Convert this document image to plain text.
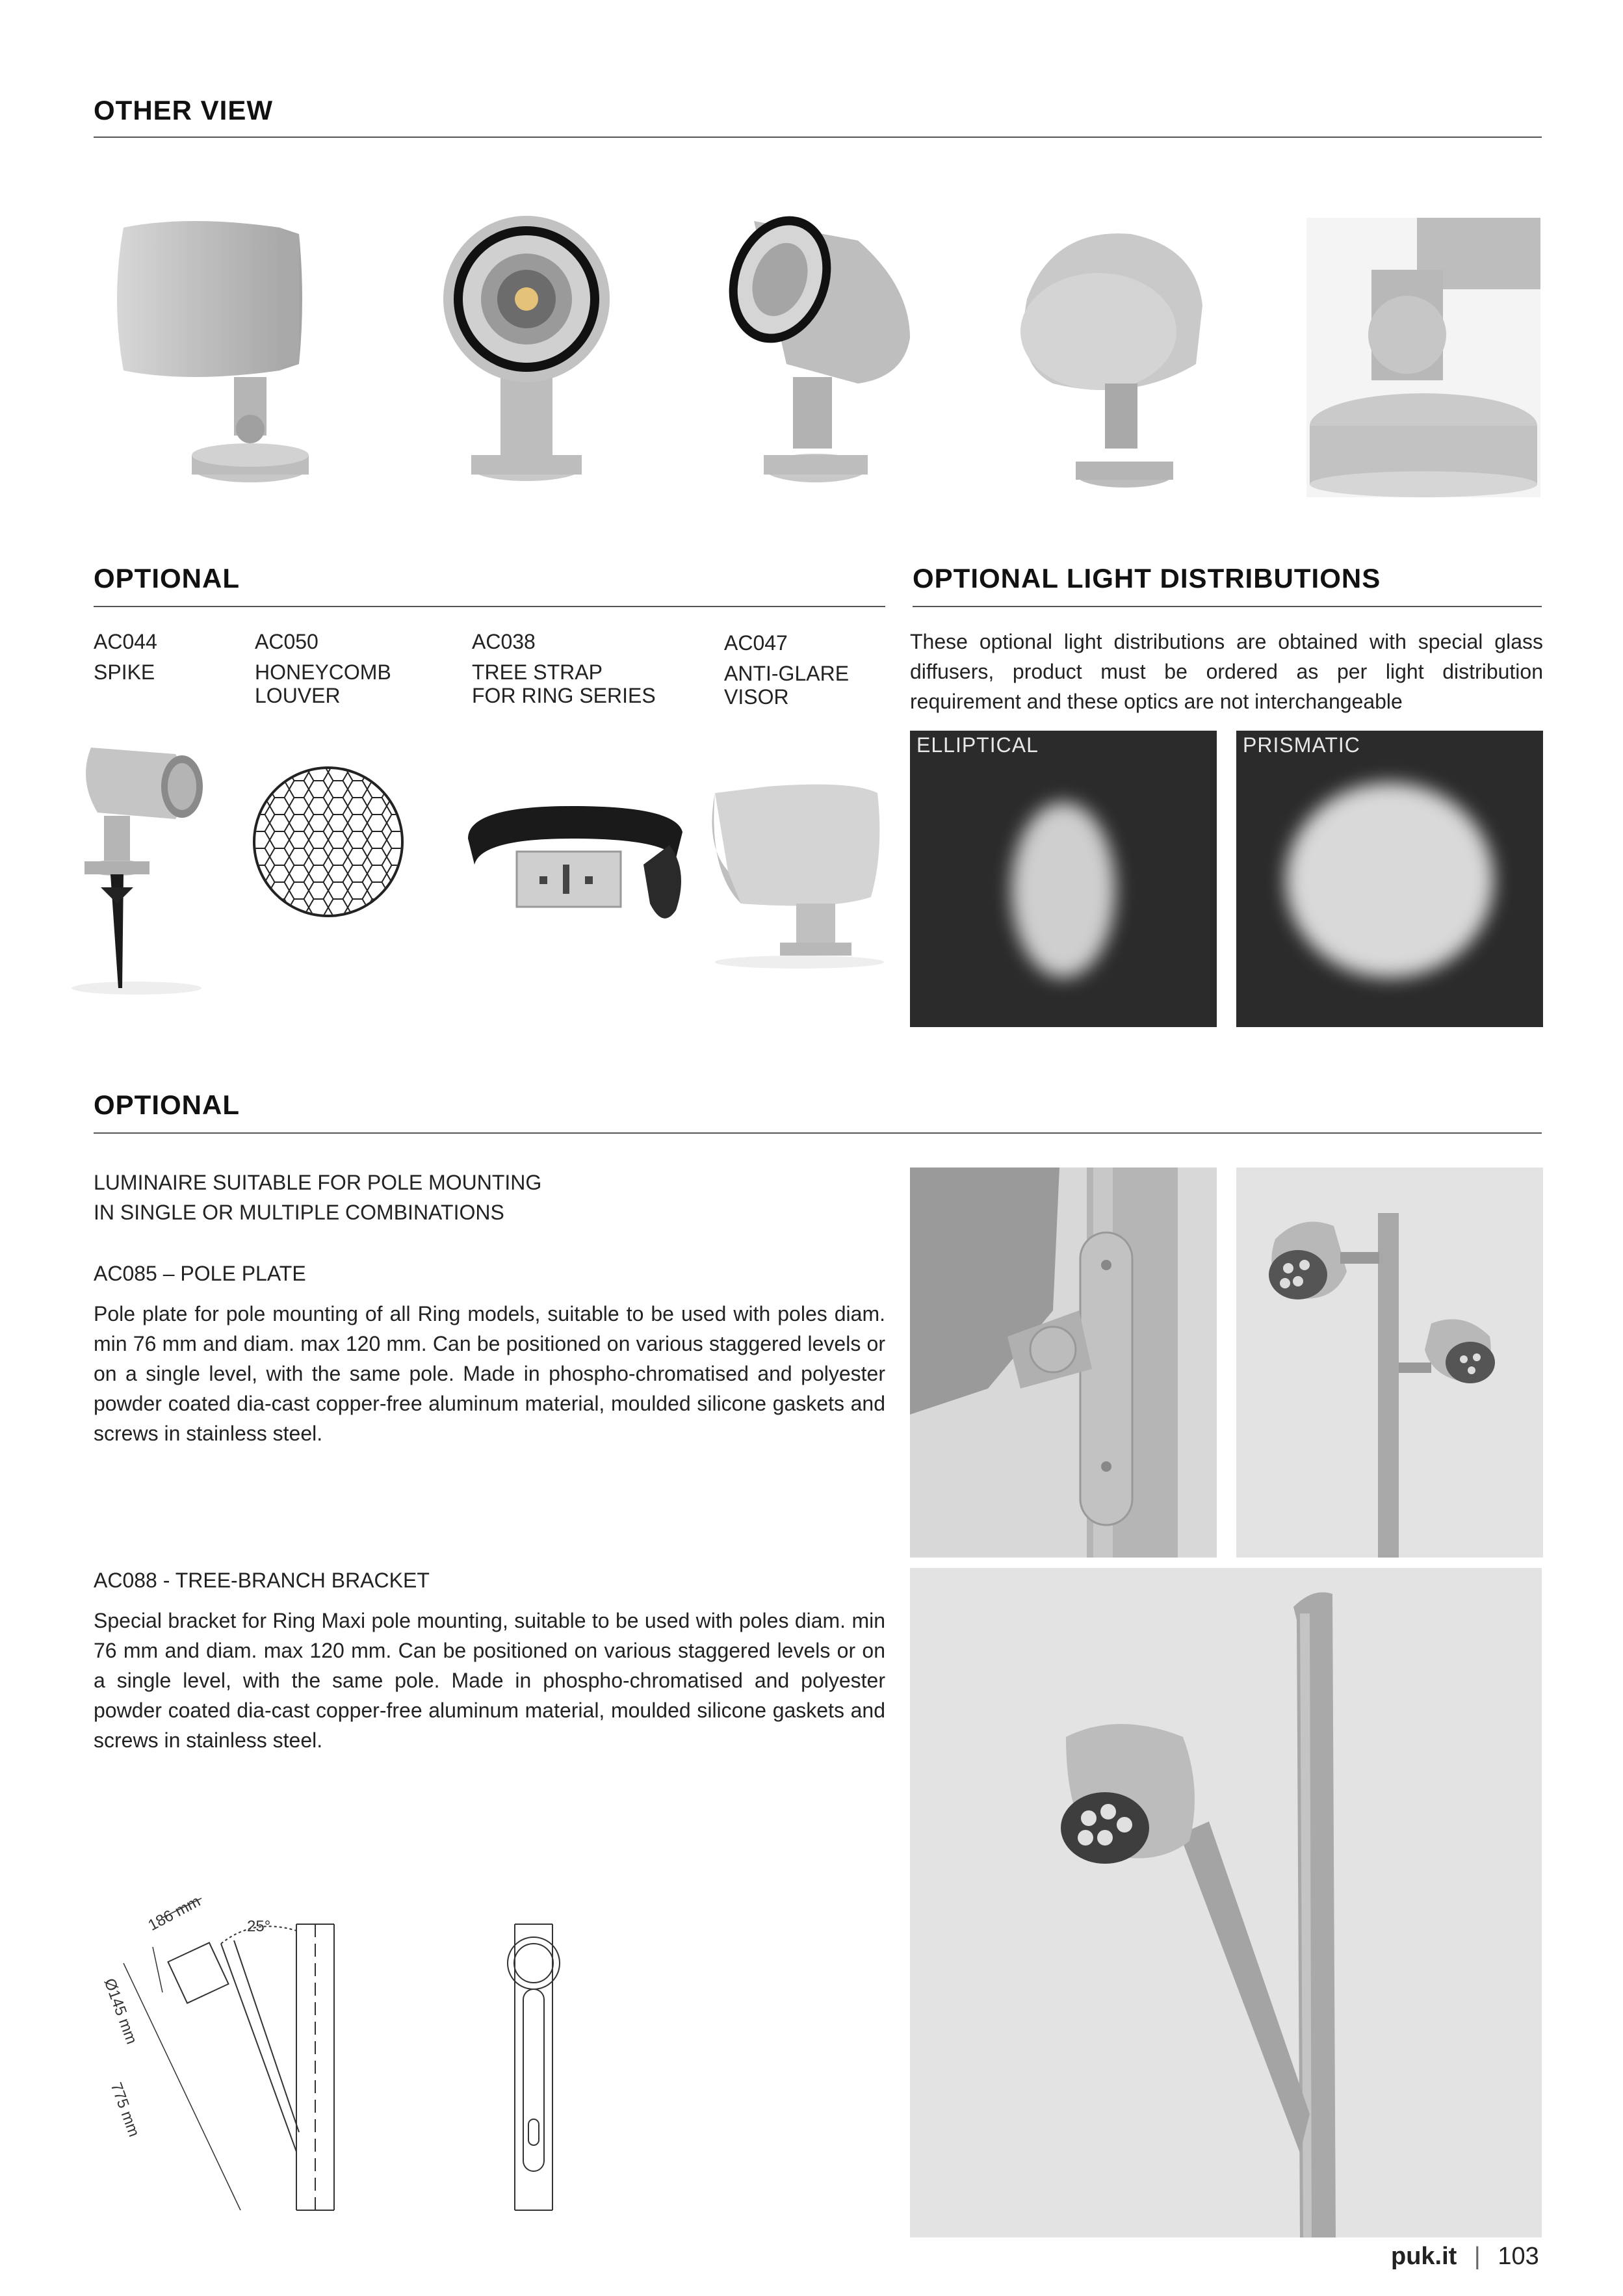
OTHER VIEW
OPTIONAL
AC044
SPIKE
AC050
HONEYCOMB
LOUVER
AC038
TREE STRAP
FOR RING SERIES
AC047
ANTI-GLARE
VISOR
OPTIONAL LIGHT DISTRIBUTIONS
These optional light distributions are obtained with special glass diffusers, product must be ordered as per light distribution requirement and these optics are not interchangeable
ELLIPTICAL	PRISMATIC
OPTIONAL
LUMINAIRE SUITABLE FOR POLE MOUNTING
IN SINGLE OR MULTIPLE COMBINATIONS
AC085 – POLE PLATE
Pole plate for pole mounting of all Ring models, suitable to be used with poles diam. min 76 mm and diam. max 120 mm. Can be positioned on various staggered levels or on a single level, with the same pole. Made in phospho-chromatised and polyester powder coated dia-cast copper-free aluminum material, moulded silicone gaskets and screws in stainless steel.
AC088 - TREE-BRANCH BRACKET
Special bracket for Ring Maxi pole mounting, suitable to be used with poles diam. min 76 mm and diam. max 120 mm. Can be positioned on various staggered levels or on a single level, with the same pole. Made in phospho-chromatised and polyester powder coated dia-cast copper-free aluminum material, moulded silicone gaskets and screws in stainless steel.
186 mm	25°
Ø145 mm
775 mm
puk.it | 103
